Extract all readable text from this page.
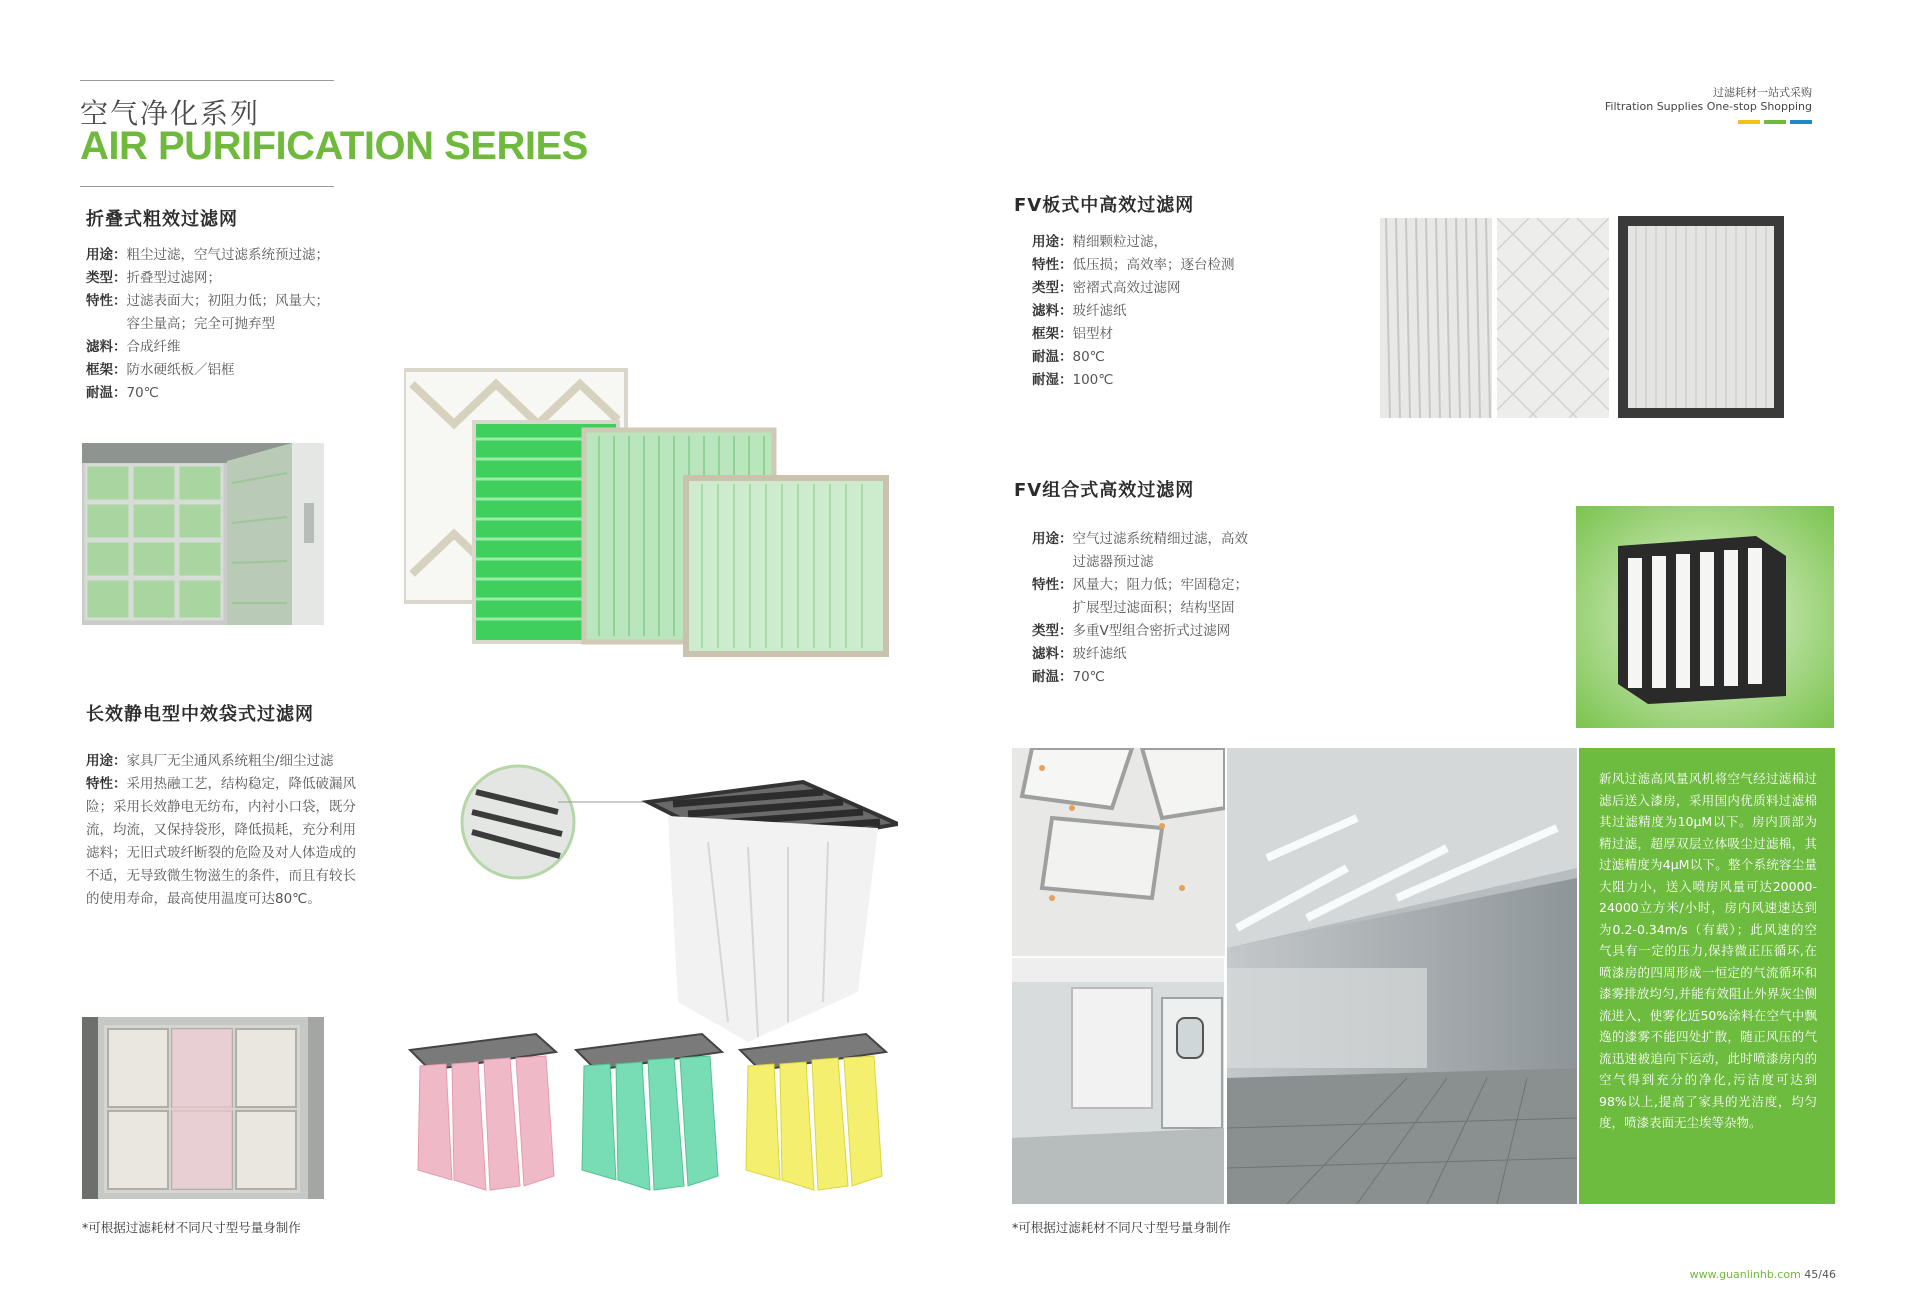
空气净化系列
AIR PURIFICATION SERIES
过滤耗材一站式采购
Filtration Supplies One-stop Shopping
折叠式粗效过滤网
用途： 粗尘过滤，空气过滤系统预过滤；
类型： 折叠型过滤网；
特性： 过滤表面大；初阻力低；风量大；
容尘量高；完全可抛弃型
滤料： 合成纤维
框架： 防水硬纸板／铝框
耐温： 70℃
长效静电型中效袋式过滤网
用途：家具厂无尘通风系统粗尘/细尘过滤
特性：采用热融工艺，结构稳定，降低破漏风险；采用长效静电无纺布，内衬小口袋，既分流，均流，又保持袋形，降低损耗，充分利用滤料；无旧式玻纤断裂的危险及对人体造成的不适，无导致微生物滋生的条件，而且有较长的使用寿命，最高使用温度可达80℃。
*可根据过滤耗材不同尺寸型号量身制作
FV板式中高效过滤网
用途： 精细颗粒过滤，
特性： 低压损；高效率；逐台检测
类型： 密褶式高效过滤网
滤料： 玻纤滤纸
框架： 铝型材
耐温： 80℃
耐湿： 100℃
FV组合式高效过滤网
用途： 空气过滤系统精细过滤，高效
过滤器预过滤
特性： 风量大；阻力低；牢固稳定；
扩展型过滤面积；结构坚固
类型： 多重V型组合密折式过滤网
滤料： 玻纤滤纸
耐温： 70℃
新风过滤高风量风机将空气经过滤棉过滤后送入漆房，采用国内优质料过滤棉其过滤精度为10μM以下。房内顶部为精过滤，超厚双层立体吸尘过滤棉，其过滤精度为4μM以下。整个系统容尘量大阻力小，送入喷房风量可达20000-24000立方米/小时，房内风速速达到为0.2-0.34m/s（有载）；此风速的空气具有一定的压力,保持微正压循环,在喷漆房的四周形成一恒定的气流循环和漆雾排放均匀,并能有效阻止外界灰尘侧流进入，使雾化近50%涂料在空气中飘逸的漆雾不能四处扩散，随正风压的气流迅速被追向下运动，此时喷漆房内的空气得到充分的净化,污洁度可达到98%以上,提高了家具的光洁度，均匀度，喷漆表面无尘埃等杂物。
*可根据过滤耗材不同尺寸型号量身制作
www.guanlinhb.com 45/46
